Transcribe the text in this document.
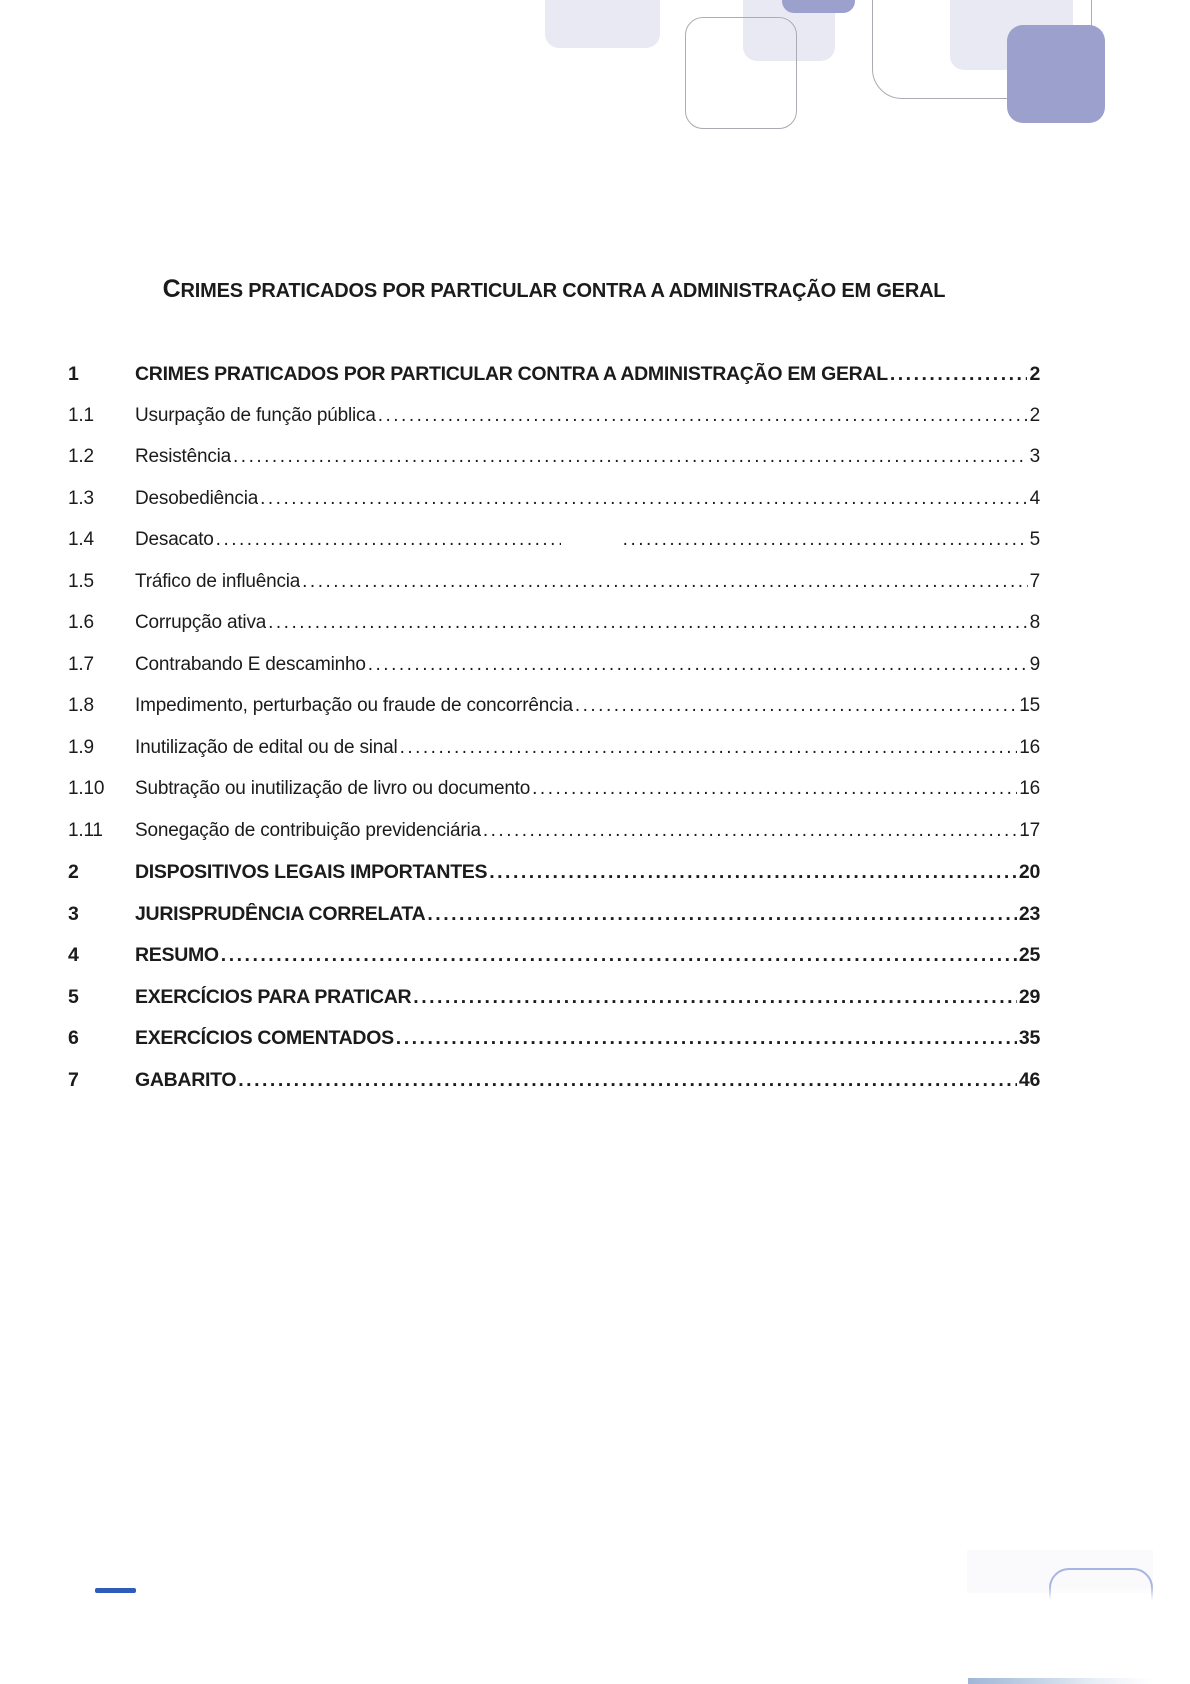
CRIMES PRATICADOS POR PARTICULAR CONTRA A ADMINISTRAÇÃO EM GERAL
1	CRIMES PRATICADOS POR PARTICULAR CONTRA A ADMINISTRAÇÃO EM GERAL .....	2
1.1	Usurpação de função pública .....	2
1.2	Resistência .....	3
1.3	Desobediência .....	4
1.4	Desacato ..... .....	5
1.5	Tráfico de influência .....	7
1.6	Corrupção ativa .....	8
1.7	Contrabando E descaminho .....	9
1.8	Impedimento, perturbação ou fraude de concorrência .....	15
1.9	Inutilização de edital ou de sinal .....	16
1.10	Subtração ou inutilização de livro ou documento .....	16
1.11	Sonegação de contribuição previdenciária .....	17
2	DISPOSITIVOS LEGAIS IMPORTANTES .....	20
3	JURISPRUDÊNCIA CORRELATA .....	23
4	RESUMO .....	25
5	EXERCÍCIOS PARA PRATICAR .....	29
6	EXERCÍCIOS COMENTADOS .....	35
7	GABARITO .....	46
